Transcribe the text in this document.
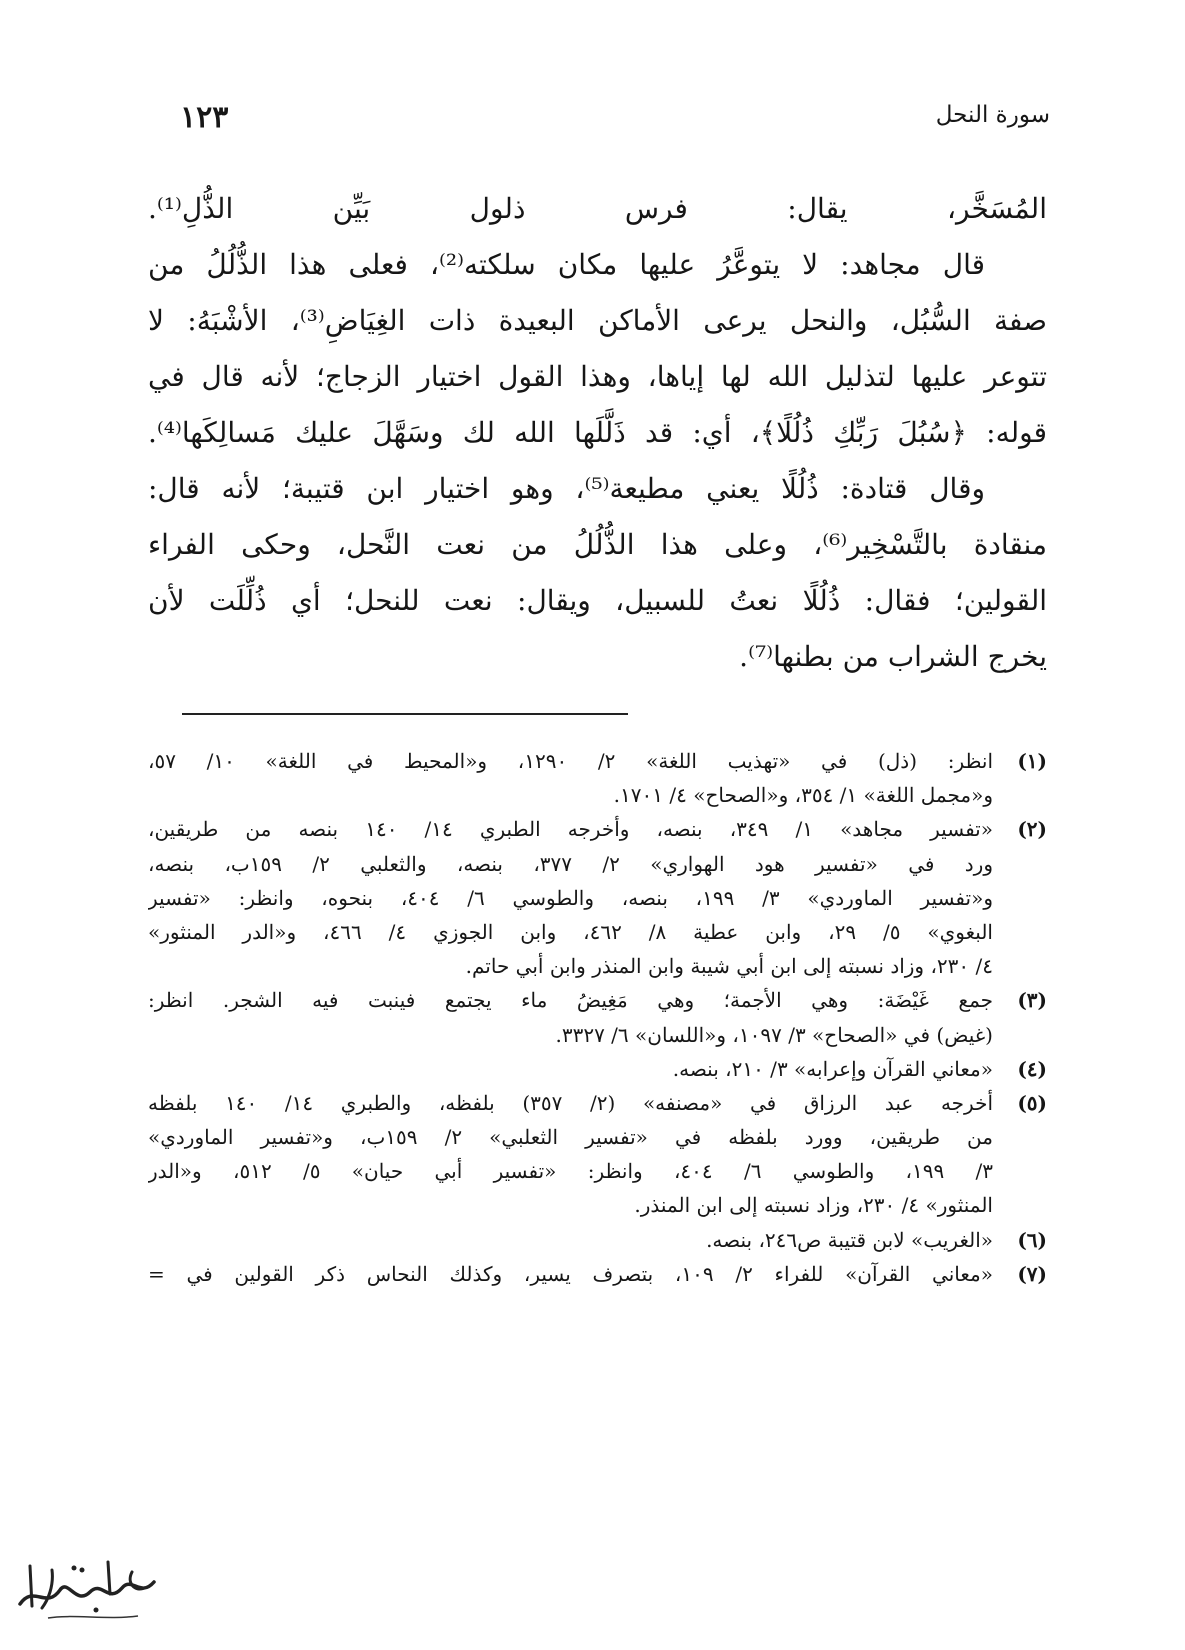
سورة النحل
١٢٣
المُسَخَّر، يقال: فرس ذلول بَيِّن الذُّلِ⁽¹⁾.
قال مجاهد: لا يتوعَّرُ عليها مكان سلكته⁽²⁾، فعلى هذا الذُّلُلُ من
صفة السُّبُل، والنحل يرعى الأماكن البعيدة ذات الغِيَاضِ⁽³⁾، الأشْبَهُ: لا
تتوعر عليها لتذليل الله لها إياها، وهذا القول اختيار الزجاج؛ لأنه قال في
قوله: ﴿سُبُلَ رَبِّكِ ذُلُلًا﴾، أي: قد ذَلَّلَها الله لك وسَهَّلَ عليك مَسالِكَها⁽⁴⁾.
وقال قتادة: ذُلُلًا يعني مطيعة⁽⁵⁾، وهو اختيار ابن قتيبة؛ لأنه قال:
منقادة بالتَّسْخِير⁽⁶⁾، وعلى هذا الذُّلُلُ من نعت النَّحل، وحكى الفراء
القولين؛ فقال: ذُلُلًا نعتُ للسبيل، ويقال: نعت للنحل؛ أي ذُلِّلَت لأن
يخرج الشراب من بطنها⁽⁷⁾.
(١)
انظر: (ذل) في «تهذيب اللغة» ٢/ ١٢٩٠، و«المحيط في اللغة» ١٠/ ٥٧،
و«مجمل اللغة» ١/ ٣٥٤، و«الصحاح» ٤/ ١٧٠١.
(٢)
«تفسير مجاهد» ١/ ٣٤٩، بنصه، وأخرجه الطبري ١٤/ ١٤٠ بنصه من طريقين،
ورد في «تفسير هود الهواري» ٢/ ٣٧٧، بنصه، والثعلبي ٢/ ١٥٩ب، بنصه،
و«تفسير الماوردي» ٣/ ١٩٩، بنصه، والطوسي ٦/ ٤٠٤، بنحوه، وانظر: «تفسير
البغوي» ٥/ ٢٩، وابن عطية ٨/ ٤٦٢، وابن الجوزي ٤/ ٤٦٦، و«الدر المنثور»
٤/ ٢٣٠، وزاد نسبته إلى ابن أبي شيبة وابن المنذر وابن أبي حاتم.
(٣)
جمع غَيْضَة: وهي الأجمة؛ وهي مَغِيضُ ماء يجتمع فينبت فيه الشجر. انظر:
(غيض) في «الصحاح» ٣/ ١٠٩٧، و«اللسان» ٦/ ٣٣٢٧.
(٤)
«معاني القرآن وإعرابه» ٣/ ٢١٠، بنصه.
(٥)
أخرجه عبد الرزاق في «مصنفه» (٢/ ٣٥٧) بلفظه، والطبري ١٤/ ١٤٠ بلفظه
من طريقين، وورد بلفظه في «تفسير الثعلبي» ٢/ ١٥٩ب، و«تفسير الماوردي»
٣/ ١٩٩، والطوسي ٦/ ٤٠٤، وانظر: «تفسير أبي حيان» ٥/ ٥١٢، و«الدر
المنثور» ٤/ ٢٣٠، وزاد نسبته إلى ابن المنذر.
(٦)
«الغريب» لابن قتيبة ص٢٤٦، بنصه.
(٧)
«معاني القرآن» للفراء ٢/ ١٠٩، بتصرف يسير، وكذلك النحاس ذكر القولين في =
